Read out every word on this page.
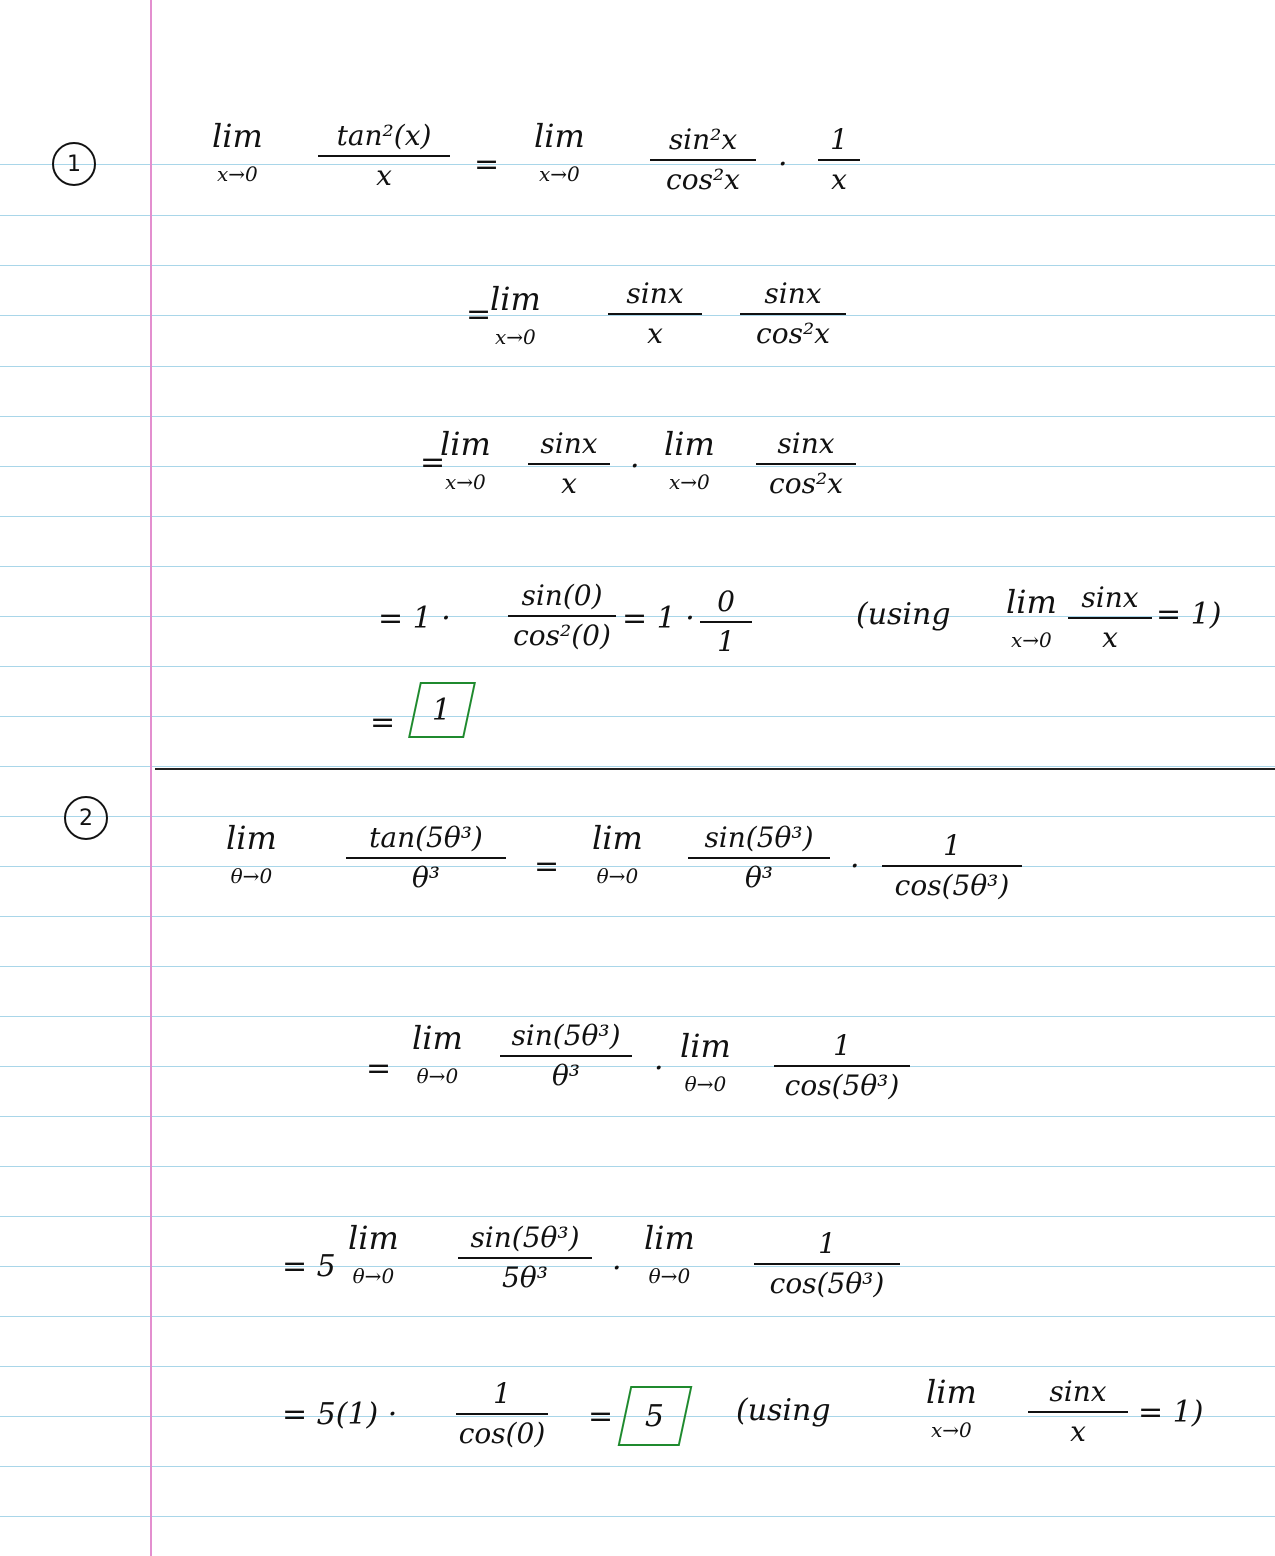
1
lim
x→0
tan²(x)
x	=
lim
x→0
sin²x
cos²x ·
1
x
=
lim
x→0
sinx
x
sinx
cos²x
=
lim
x→0
sinx
x ·
lim
x→0
sinx
cos²x
= 1 ·
sin(0)
cos²(0) = 1 · 0
1
(using lim
x→0
sinx
x
= 1)
= 1
2
lim
θ→0
tan(5θ³)
θ³	=
lim
θ→0
sin(5θ³)
θ³	·
1
cos(5θ³)
=
lim
θ→0
sin(5θ³)
θ³ ·
lim
θ→0
1
cos(5θ³)
= 5
lim
θ→0
sin(5θ³)
5θ³ ·
lim
θ→0
1
cos(5θ³)
= 5(1) ·
1
cos(0) = 5 (using	lim
x→0
sinx
x
= 1)
